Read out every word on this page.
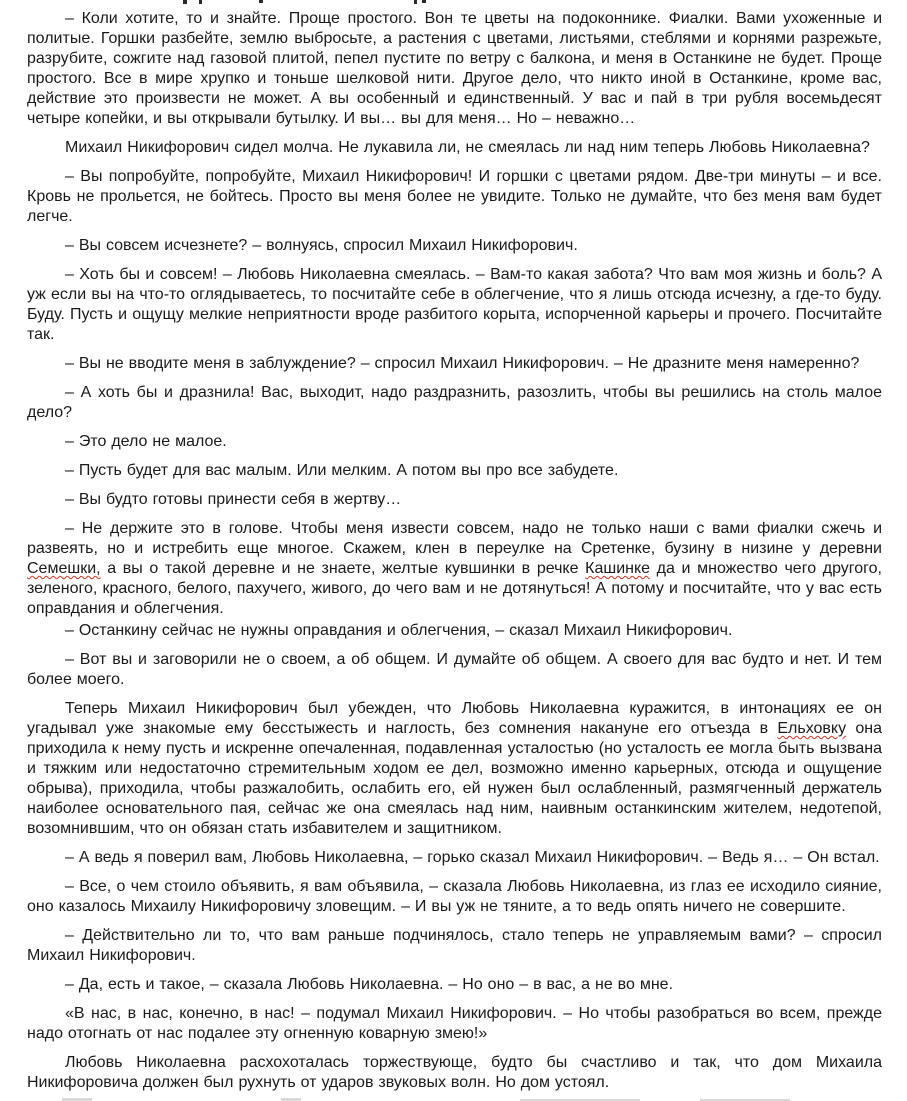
– Коли хотите, то и знайте. Проще простого. Вон те цветы на подоконнике. Фиалки. Вами ухоженные и политые. Горшки разбейте, землю выбросьте, а растения с цветами, листьями, стеблями и корнями разрежьте, разрубите, сожгите над газовой плитой, пепел пустите по ветру с балкона, и меня в Останкине не будет. Проще простого. Все в мире хрупко и тоньше шелковой нити. Другое дело, что никто иной в Останкине, кроме вас, действие это произвести не может. А вы особенный и единственный. У вас и пай в три рубля восемьдесят четыре копейки, и вы открывали бутылку. И вы… вы для меня… Но – неважно…

Михаил Никифорович сидел молча. Не лукавила ли, не смеялась ли над ним теперь Любовь Николаевна?

– Вы попробуйте, попробуйте, Михаил Никифорович! И горшки с цветами рядом. Две-три минуты – и все. Кровь не прольется, не бойтесь. Просто вы меня более не увидите. Только не думайте, что без меня вам будет легче.

– Вы совсем исчезнете? – волнуясь, спросил Михаил Никифорович.

– Хоть бы и совсем! – Любовь Николаевна смеялась. – Вам-то какая забота? Что вам моя жизнь и боль? А уж если вы на что-то оглядываетесь, то посчитайте себе в облегчение, что я лишь отсюда исчезну, а где-то буду. Буду. Пусть и ощущу мелкие неприятности вроде разбитого корыта, испорченной карьеры и прочего. Посчитайте так.

– Вы не вводите меня в заблуждение? – спросил Михаил Никифорович. – Не дразните меня намеренно?

– А хоть бы и дразнила! Вас, выходит, надо раздразнить, разозлить, чтобы вы решились на столь малое дело?

– Это дело не малое.

– Пусть будет для вас малым. Или мелким. А потом вы про все забудете.

– Вы будто готовы принести себя в жертву…

– Не держите это в голове. Чтобы меня извести совсем, надо не только наши с вами фиалки сжечь и развеять, но и истребить еще многое. Скажем, клен в переулке на Сретенке, бузину в низине у деревни Семешки, а вы о такой деревне и не знаете, желтые кувшинки в речке Кашинке да и множество чего другого, зеленого, красного, белого, пахучего, живого, до чего вам и не дотянуться! А потому и посчитайте, что у вас есть оправдания и облегчения.

– Останкину сейчас не нужны оправдания и облегчения, – сказал Михаил Никифорович.

– Вот вы и заговорили не о своем, а об общем. И думайте об общем. А своего для вас будто и нет. И тем более моего.

Теперь Михаил Никифорович был убежден, что Любовь Николаевна куражится, в интонациях ее он угадывал уже знакомые ему бесстыжесть и наглость, без сомнения накануне его отъезда в Ельховку она приходила к нему пусть и искренне опечаленная, подавленная усталостью (но усталость ее могла быть вызвана и тяжким или недостаточно стремительным ходом ее дел, возможно именно карьерных, отсюда и ощущение обрыва), приходила, чтобы разжалобить, ослабить его, ей нужен был ослабленный, размягченный держатель наиболее основательного пая, сейчас же она смеялась над ним, наивным останкинским жителем, недотепой, возомнившим, что он обязан стать избавителем и защитником.

– А ведь я поверил вам, Любовь Николаевна, – горько сказал Михаил Никифорович. – Ведь я… – Он встал.

– Все, о чем стоило объявить, я вам объявила, – сказала Любовь Николаевна, из глаз ее исходило сияние, оно казалось Михаилу Никифоровичу зловещим. – И вы уж не тяните, а то ведь опять ничего не совершите.

– Действительно ли то, что вам раньше подчинялось, стало теперь не управляемым вами? – спросил Михаил Никифорович.

– Да, есть и такое, – сказала Любовь Николаевна. – Но оно – в вас, а не во мне.

«В нас, в нас, конечно, в нас! – подумал Михаил Никифорович. – Но чтобы разобраться во всем, прежде надо отогнать от нас подалее эту огненную коварную змею!»

Любовь Николаевна расхохоталась торжествующе, будто бы счастливо и так, что дом Михаила Никифоровича должен был рухнуть от ударов звуковых волн. Но дом устоял.
